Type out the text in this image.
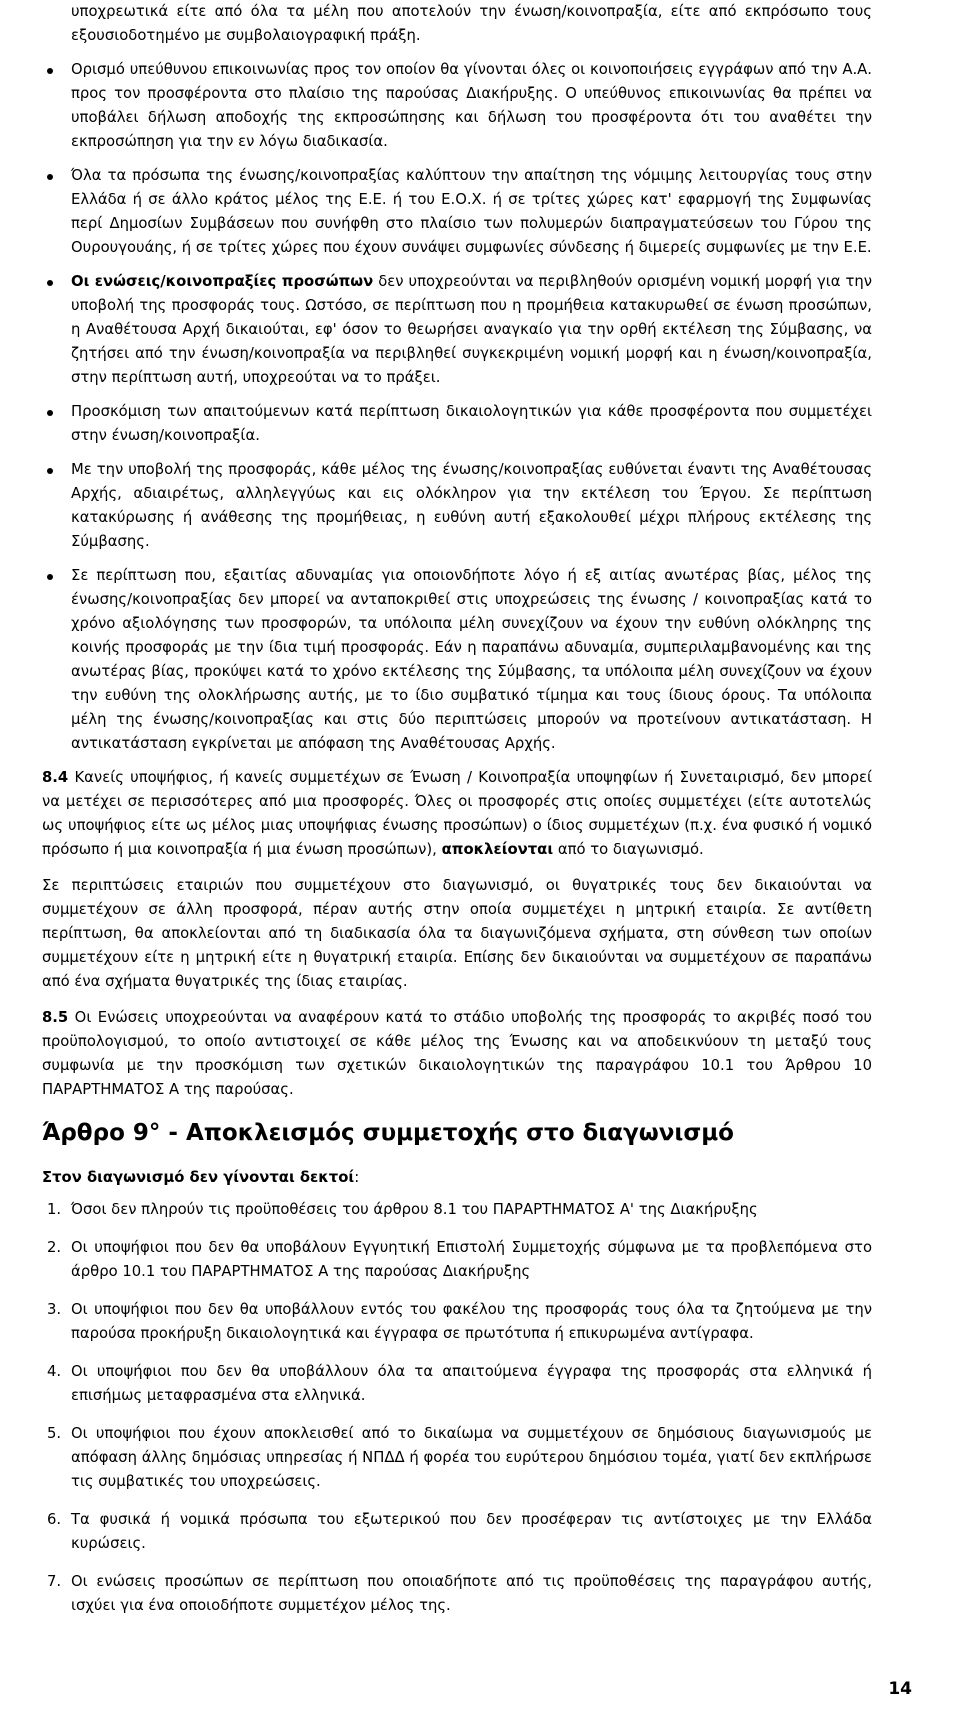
υποχρεωτικά είτε από όλα τα μέλη που αποτελούν την ένωση/κοινοπραξία, είτε από εκπρόσωπο τους εξουσιοδοτημένο με συμβολαιογραφική πράξη.
Ορισμό υπεύθυνου επικοινωνίας προς τον οποίον θα γίνονται όλες οι κοινοποιήσεις εγγράφων από την Α.Α. προς τον προσφέροντα στο πλαίσιο της παρούσας Διακήρυξης. Ο υπεύθυνος επικοινωνίας θα πρέπει να υποβάλει δήλωση αποδοχής της εκπροσώπησης και δήλωση του προσφέροντα ότι του αναθέτει την εκπροσώπηση για την εν λόγω διαδικασία.
Όλα τα πρόσωπα της ένωσης/κοινοπραξίας καλύπτουν την απαίτηση της νόμιμης λειτουργίας τους στην Ελλάδα ή σε άλλο κράτος μέλος της Ε.Ε. ή του Ε.Ο.Χ. ή σε τρίτες χώρες κατ' εφαρμογή της Συμφωνίας περί Δημοσίων Συμβάσεων που συνήφθη στο πλαίσιο των πολυμερών διαπραγματεύσεων του Γύρου της Ουρουγουάης, ή σε τρίτες χώρες που έχουν συνάψει συμφωνίες σύνδεσης ή διμερείς συμφωνίες με την Ε.Ε.
Οι ενώσεις/κοινοπραξίες προσώπων δεν υποχρεούνται να περιβληθούν ορισμένη νομική μορφή για την υποβολή της προσφοράς τους. Ωστόσο, σε περίπτωση που η προμήθεια κατακυρωθεί σε ένωση προσώπων, η Αναθέτουσα Αρχή δικαιούται, εφ' όσον το θεωρήσει αναγκαίο για την ορθή εκτέλεση της Σύμβασης, να ζητήσει από την ένωση/κοινοπραξία να περιβληθεί συγκεκριμένη νομική μορφή και η ένωση/κοινοπραξία, στην περίπτωση αυτή, υποχρεούται να το πράξει.
Προσκόμιση των απαιτούμενων κατά περίπτωση δικαιολογητικών για κάθε προσφέροντα που συμμετέχει στην ένωση/κοινοπραξία.
Με την υποβολή της προσφοράς, κάθε μέλος της ένωσης/κοινοπραξίας ευθύνεται έναντι της Αναθέτουσας Αρχής, αδιαιρέτως, αλληλεγγύως και εις ολόκληρον για την εκτέλεση του Έργου. Σε περίπτωση κατακύρωσης ή ανάθεσης της προμήθειας, η ευθύνη αυτή εξακολουθεί μέχρι πλήρους εκτέλεσης της Σύμβασης.
Σε περίπτωση που, εξαιτίας αδυναμίας για οποιονδήποτε λόγο ή εξ αιτίας ανωτέρας βίας, μέλος της ένωσης/κοινοπραξίας δεν μπορεί να ανταποκριθεί στις υποχρεώσεις της ένωσης / κοινοπραξίας κατά το χρόνο αξιολόγησης των προσφορών, τα υπόλοιπα μέλη συνεχίζουν να έχουν την ευθύνη ολόκληρης της κοινής προσφοράς με την ίδια τιμή προσφοράς. Εάν η παραπάνω αδυναμία, συμπεριλαμβανομένης και της ανωτέρας βίας, προκύψει κατά το χρόνο εκτέλεσης της Σύμβασης, τα υπόλοιπα μέλη συνεχίζουν να έχουν την ευθύνη της ολοκλήρωσης αυτής, με το ίδιο συμβατικό τίμημα και τους ίδιους όρους. Τα υπόλοιπα μέλη της ένωσης/κοινοπραξίας και στις δύο περιπτώσεις μπορούν να προτείνουν αντικατάσταση. Η αντικατάσταση εγκρίνεται με απόφαση της Αναθέτουσας Αρχής.

8.4 Κανείς υποψήφιος, ή κανείς συμμετέχων σε Ένωση / Κοινοπραξία υποψηφίων ή Συνεταιρισμό, δεν μπορεί να μετέχει σε περισσότερες από μια προσφορές. Όλες οι προσφορές στις οποίες συμμετέχει (είτε αυτοτελώς ως υποψήφιος είτε ως μέλος μιας υποψήφιας ένωσης προσώπων) ο ίδιος συμμετέχων (π.χ. ένα φυσικό ή νομικό πρόσωπο ή μια κοινοπραξία ή μια ένωση προσώπων), αποκλείονται από το διαγωνισμό.

Σε περιπτώσεις εταιριών που συμμετέχουν στο διαγωνισμό, οι θυγατρικές τους δεν δικαιούνται να συμμετέχουν σε άλλη προσφορά, πέραν αυτής στην οποία συμμετέχει η μητρική εταιρία. Σε αντίθετη περίπτωση, θα αποκλείονται από τη διαδικασία όλα τα διαγωνιζόμενα σχήματα, στη σύνθεση των οποίων συμμετέχουν είτε η μητρική είτε η θυγατρική εταιρία. Επίσης δεν δικαιούνται να συμμετέχουν σε παραπάνω από ένα σχήματα θυγατρικές της ίδιας εταιρίας.

8.5 Οι Ενώσεις υποχρεούνται να αναφέρουν κατά το στάδιο υποβολής της προσφοράς το ακριβές ποσό του προϋπολογισμού, το οποίο αντιστοιχεί σε κάθε μέλος της Ένωσης και να αποδεικνύουν τη μεταξύ τους συμφωνία με την προσκόμιση των σχετικών δικαιολογητικών της παραγράφου 10.1 του Άρθρου 10 ΠΑΡΑΡΤΗΜΑΤΟΣ Α της παρούσας.

Άρθρο 9° - Αποκλεισμός συμμετοχής στο διαγωνισμό
Στον διαγωνισμό δεν γίνονται δεκτοί:
1. Όσοι δεν πληρούν τις προϋποθέσεις του άρθρου 8.1 του ΠΑΡΑΡΤΗΜΑΤΟΣ Α' της Διακήρυξης
2. Οι υποψήφιοι που δεν θα υποβάλουν Εγγυητική Επιστολή Συμμετοχής σύμφωνα με τα προβλεπόμενα στο άρθρο 10.1 του ΠΑΡΑΡΤΗΜΑΤΟΣ Α της παρούσας Διακήρυξης
3. Οι υποψήφιοι που δεν θα υποβάλλουν εντός του φακέλου της προσφοράς τους όλα τα ζητούμενα με την παρούσα προκήρυξη δικαιολογητικά και έγγραφα σε πρωτότυπα ή επικυρωμένα αντίγραφα.
4. Οι υποψήφιοι που δεν θα υποβάλλουν όλα τα απαιτούμενα έγγραφα της προσφοράς στα ελληνικά ή επισήμως μεταφρασμένα στα ελληνικά.
5. Οι υποψήφιοι που έχουν αποκλεισθεί από το δικαίωμα να συμμετέχουν σε δημόσιους διαγωνισμούς με απόφαση άλλης δημόσιας υπηρεσίας ή ΝΠΔΔ ή φορέα του ευρύτερου δημόσιου τομέα, γιατί δεν εκπλήρωσε τις συμβατικές του υποχρεώσεις.
6. Τα φυσικά ή νομικά πρόσωπα του εξωτερικού που δεν προσέφεραν τις αντίστοιχες με την Ελλάδα κυρώσεις.
7. Οι ενώσεις προσώπων σε περίπτωση που οποιαδήποτε από τις προϋποθέσεις της παραγράφου αυτής, ισχύει για ένα οποιοδήποτε συμμετέχον μέλος της.
14
